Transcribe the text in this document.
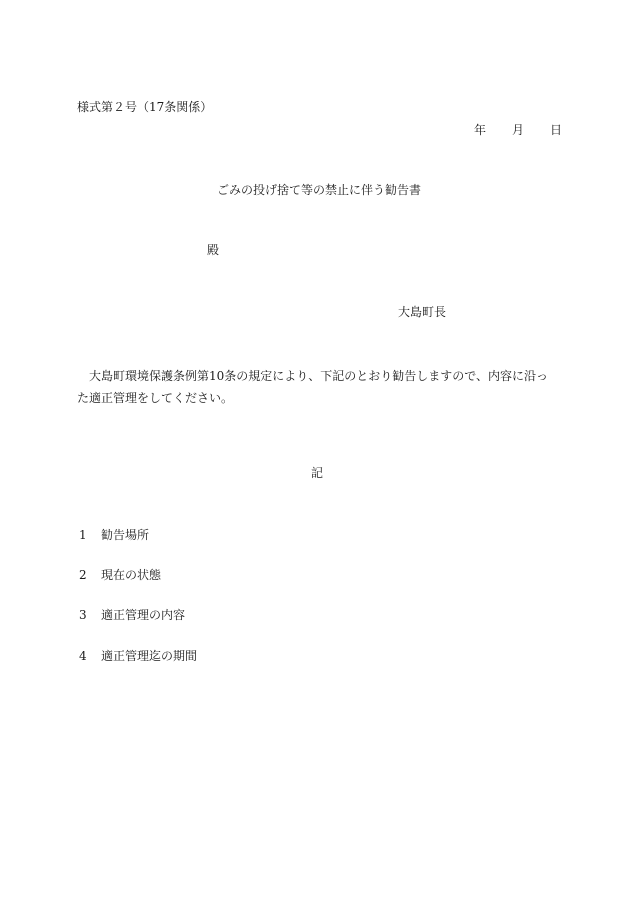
様式第２号（17条関係）
年 月 日
ごみの投げ捨て等の禁止に伴う勧告書
殿
大島町長
大島町環境保護条例第10条の規定により、下記のとおり勧告しますので、内容に沿った適正管理をしてください。
記
1 勧告場所
2 現在の状態
3 適正管理の内容
4 適正管理迄の期間
